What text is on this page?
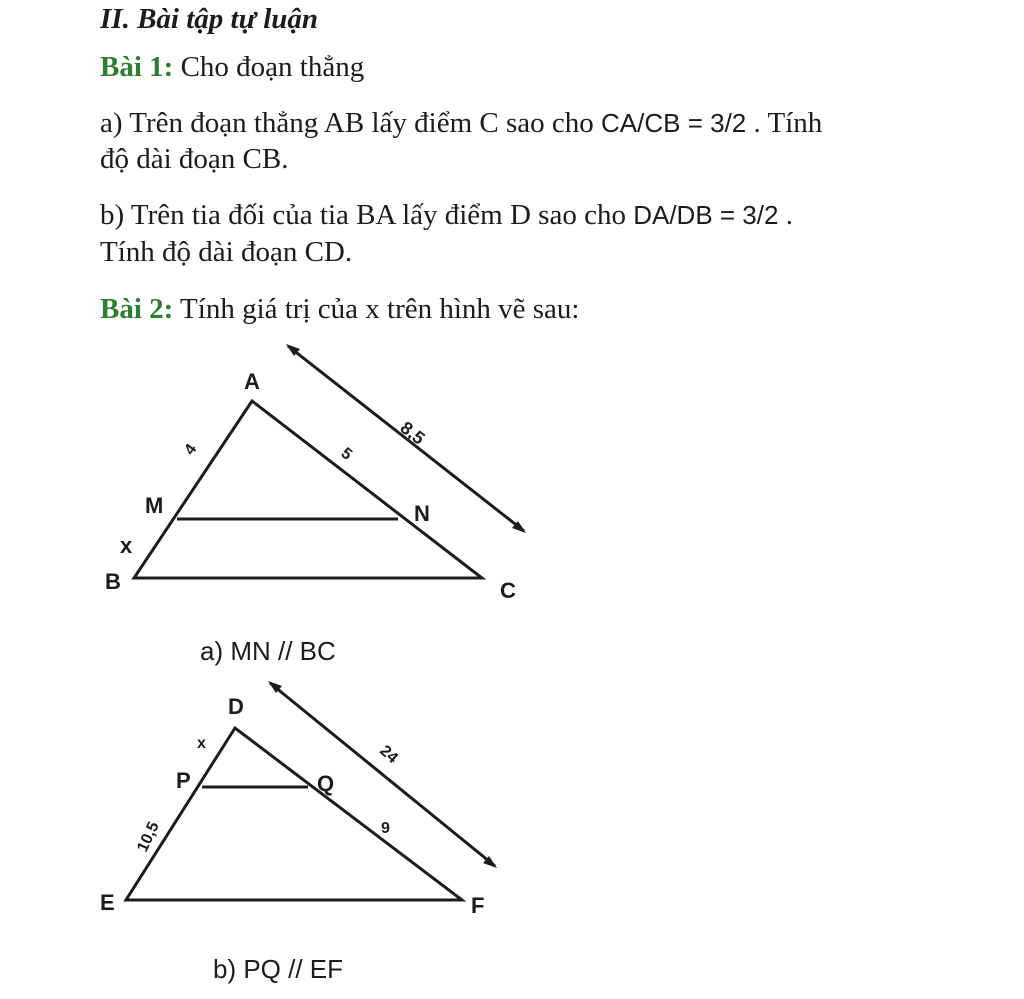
II. Bài tập tự luận
Bài 1: Cho đoạn thẳng
a) Trên đoạn thẳng AB lấy điểm C sao cho CA/CB = 3/2 . Tính
độ dài đoạn CB.
b) Trên tia đối của tia BA lấy điểm D sao cho DA/DB = 3/2 .
Tính độ dài đoạn CD.
Bài 2: Tính giá trị của x trên hình vẽ sau:
A
B	C
M	N
4
x
5
8,5
a) MN // BC
D
E	F
P	Q
x
10,5	9
24
b) PQ // EF
